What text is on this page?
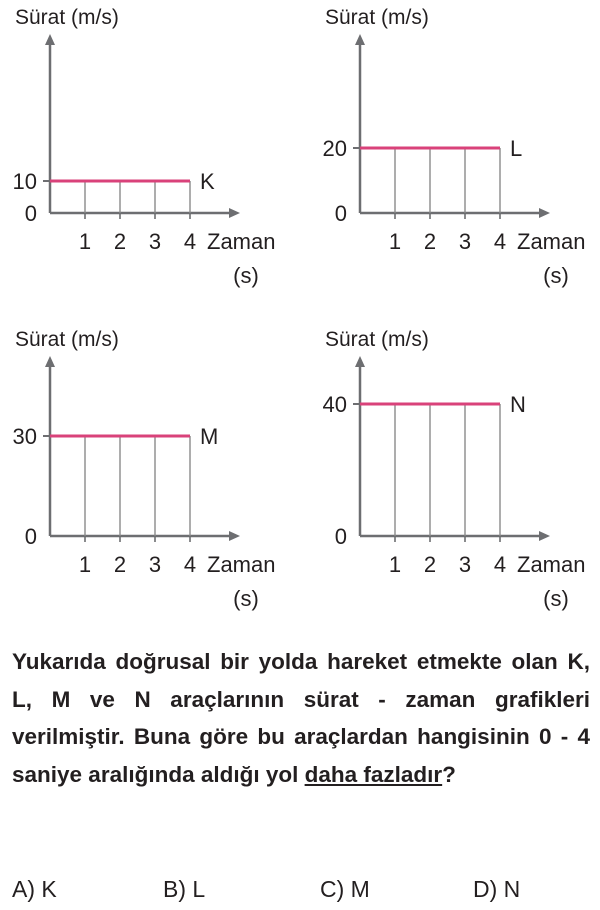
Sürat (m/s)
0
10
1 2 3 4
K
Zaman
(s)
Sürat (m/s)
0
20
1 2 3 4
L
Zaman
(s)
Sürat (m/s)
0
30
1 2 3 4
M
Zaman
(s)
Sürat (m/s)
0
40
1 2 3 4
N
Zaman
(s)
Yukarıda doğrusal bir yolda hareket etmekte olan K, L, M ve N araçlarının sürat - zaman grafikleri verilmiştir. Buna göre bu araçlardan hangisinin 0 - 4 saniye aralığında aldığı yol daha fazladır?
A) K	B) L	C) M	D) N
